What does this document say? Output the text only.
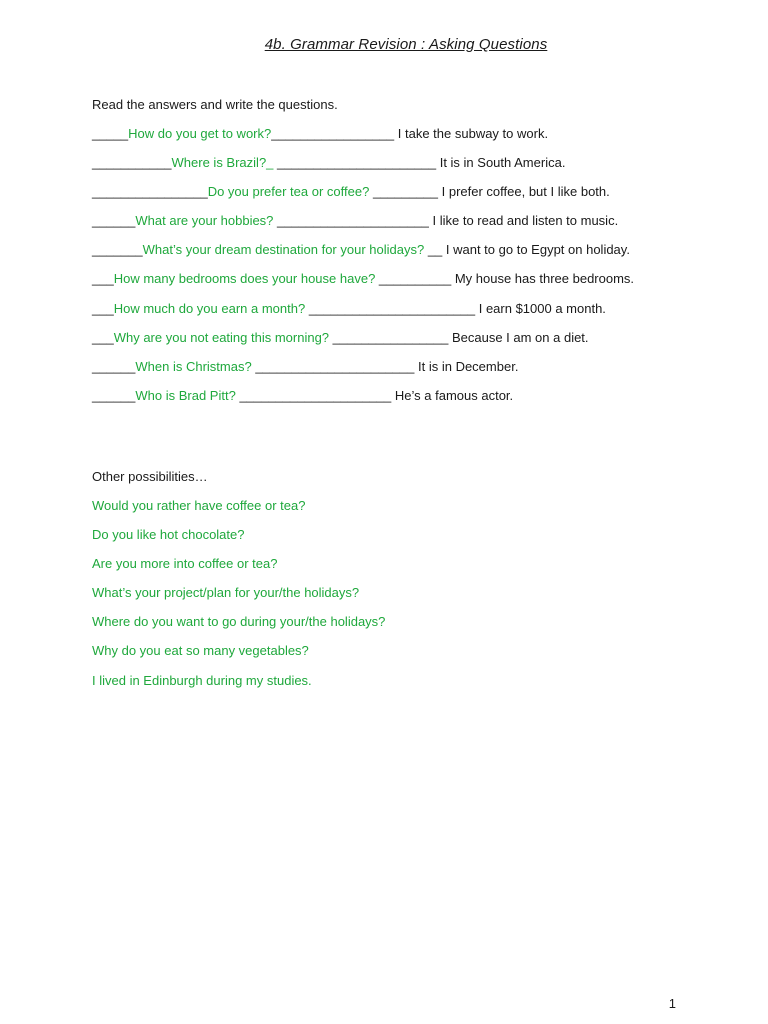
4b. Grammar Revision : Asking Questions
Read the answers and write the questions.
_____How do you get to work?_________________ I take the subway to work.
___________Where is Brazil?_ ______________________ It is in South America.
________________Do you prefer tea or coffee? _________ I prefer coffee, but I like both.
______What are your hobbies? _____________________ I like to read and listen to music.
_______What’s your dream destination for your holidays? __ I want to go to Egypt on holiday.
___How many bedrooms does your house have? __________ My house has three bedrooms.
___How much do you earn a month? _______________________ I earn $1000 a month.
___Why are you not eating this morning? ________________ Because I am on a diet.
______When is Christmas? ______________________ It is in December.
______Who is Brad Pitt? _____________________ He’s a famous actor.
Other possibilities…
Would you rather have coffee or tea?
Do you like hot chocolate?
Are you more into coffee or tea?
What’s your project/plan for your/the holidays?
Where do you want to go during your/the holidays?
Why do you eat so many vegetables?
I lived in Edinburgh during my studies.
1
